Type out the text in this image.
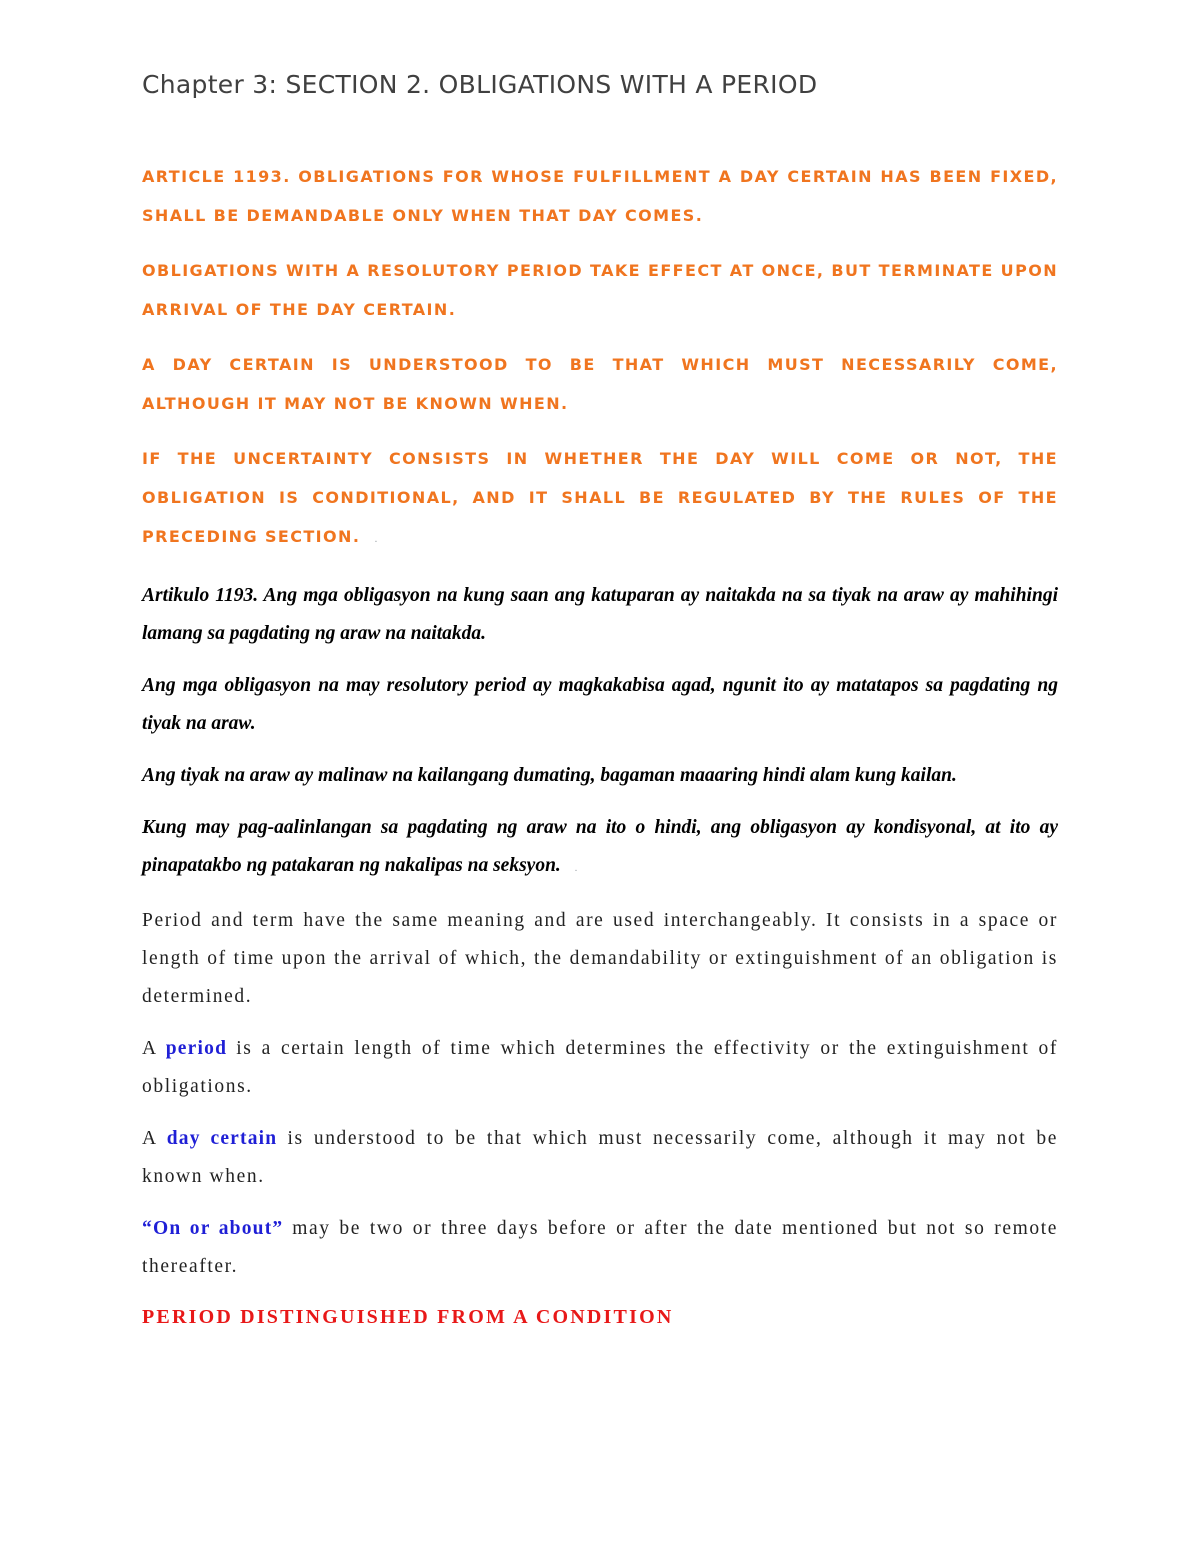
Chapter 3: SECTION 2. OBLIGATIONS WITH A PERIOD

ARTICLE 1193. OBLIGATIONS FOR WHOSE FULFILLMENT A DAY CERTAIN HAS BEEN FIXED, SHALL BE DEMANDABLE ONLY WHEN THAT DAY COMES.

OBLIGATIONS WITH A RESOLUTORY PERIOD TAKE EFFECT AT ONCE, BUT TERMINATE UPON ARRIVAL OF THE DAY CERTAIN.

A DAY CERTAIN IS UNDERSTOOD TO BE THAT WHICH MUST NECESSARILY COME, ALTHOUGH IT MAY NOT BE KNOWN WHEN.

IF THE UNCERTAINTY CONSISTS IN WHETHER THE DAY WILL COME OR NOT, THE OBLIGATION IS CONDITIONAL, AND IT SHALL BE REGULATED BY THE RULES OF THE PRECEDING SECTION. .

Artikulo 1193. Ang mga obligasyon na kung saan ang katuparan ay naitakda na sa tiyak na araw ay mahihingi lamang sa pagdating ng araw na naitakda.

Ang mga obligasyon na may resolutory period ay magkakabisa agad, ngunit ito ay matatapos sa pagdating ng tiyak na araw.

Ang tiyak na araw ay malinaw na kailangang dumating, bagaman maaaring hindi alam kung kailan.

Kung may pag-aalinlangan sa pagdating ng araw na ito o hindi, ang obligasyon ay kondisyonal, at ito ay pinapatakbo ng patakaran ng nakalipas na seksyon. .

Period and term have the same meaning and are used interchangeably. It consists in a space or length of time upon the arrival of which, the demandability or extinguishment of an obligation is determined.

A period is a certain length of time which determines the effectivity or the extinguishment of obligations.

A day certain is understood to be that which must necessarily come, although it may not be known when.

“On or about” may be two or three days before or after the date mentioned but not so remote thereafter.

PERIOD DISTINGUISHED FROM A CONDITION
